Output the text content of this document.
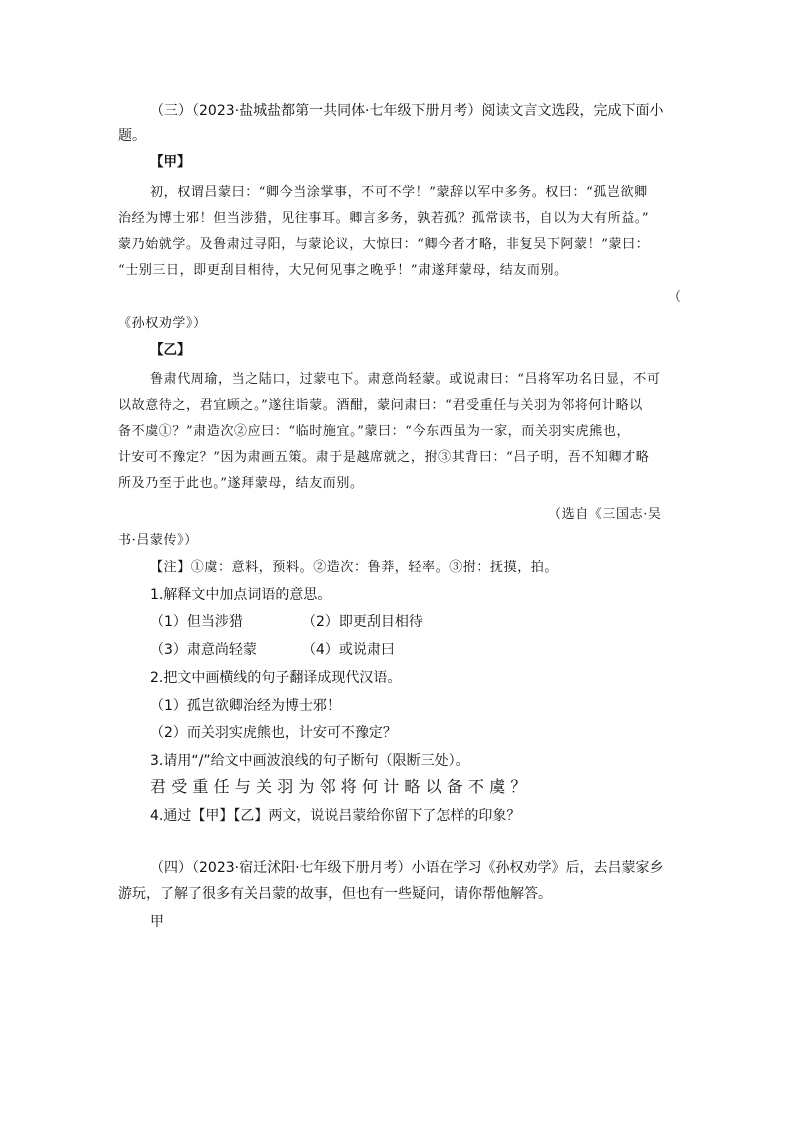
（三）（2023·盐城盐都第一共同体·七年级下册月考）阅读文言文选段，完成下面小
题。
【甲】
初，权谓吕蒙曰：“卿今当涂掌事，不可不学！”蒙辞以军中多务。权曰：“孤岂欲卿
治经为博士邪！但当涉猎，见往事耳。卿言多务，孰若孤？孤常读书，自以为大有所益。”
蒙乃始就学。及鲁肃过寻阳，与蒙论议，大惊曰：“卿今者才略，非复吴下阿蒙！”蒙曰：
“士别三日，即更刮目相待，大兄何见事之晚乎！”肃遂拜蒙母，结友而别。
（
《孙权劝学》）
【乙】
鲁肃代周瑜，当之陆口，过蒙屯下。肃意尚轻蒙。或说肃曰：“吕将军功名日显，不可
以故意待之，君宜顾之。”遂往诣蒙。酒酣，蒙问肃曰：“君受重任与关羽为邻将何计略以
备不虞①？”肃造次②应曰：“临时施宜。”蒙曰：“今东西虽为一家，而关羽实虎熊也，
计安可不豫定？”因为肃画五策。肃于是越席就之，拊③其背曰：“吕子明，吾不知卿才略
所及乃至于此也。”遂拜蒙母，结友而别。
（选自《三国志·吴
书·吕蒙传》）
【注】①虞：意料，预料。②造次：鲁莽，轻率。③拊：抚摸，拍。
1.解释文中加点词语的意思。
（1）但当涉猎	（2）即更刮目相待
（3）肃意尚轻蒙	（4）或说肃曰
2.把文中画横线的句子翻译成现代汉语。
（1）孤岂欲卿治经为博士邪！
（2）而关羽实虎熊也，计安可不豫定？
3.请用“/”给文中画波浪线的句子断句（限断三处）。
君受重任与关羽为邻将何计略以备不虞？
4.通过【甲】【乙】两文，说说吕蒙给你留下了怎样的印象？
（四）（2023·宿迁沭阳·七年级下册月考）小语在学习《孙权劝学》后，去吕蒙家乡
游玩，了解了很多有关吕蒙的故事，但也有一些疑问，请你帮他解答。
甲
